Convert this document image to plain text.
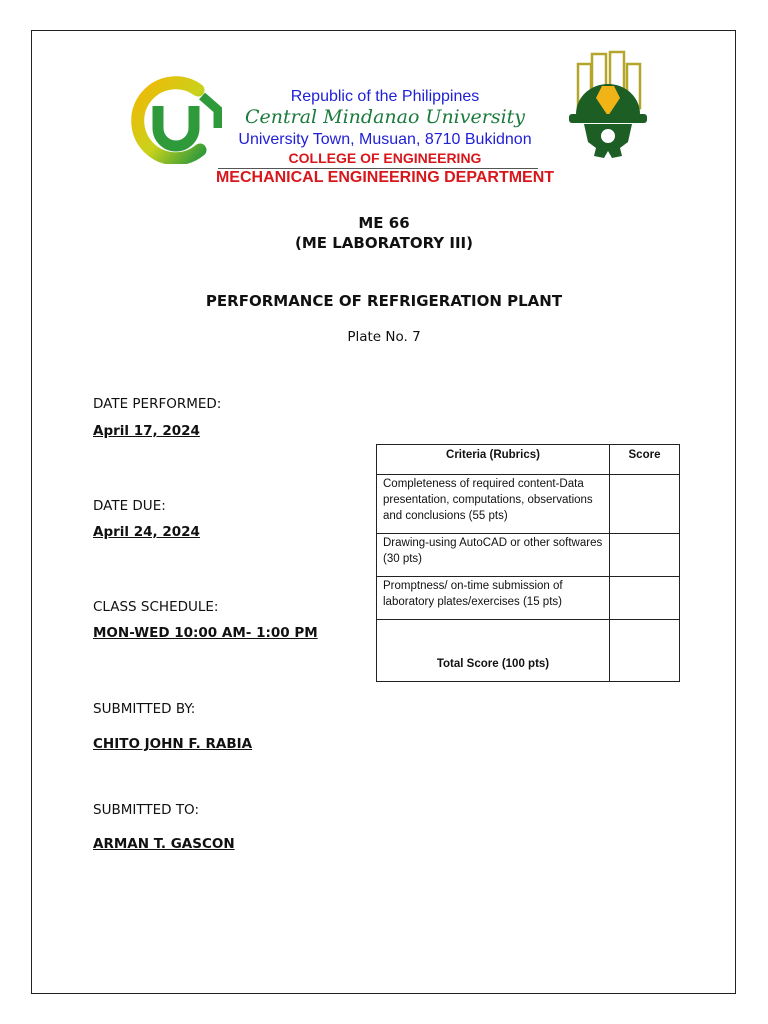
Republic of the Philippines
Central Mindanao University
University Town, Musuan, 8710 Bukidnon
COLLEGE OF ENGINEERING
MECHANICAL ENGINEERING DEPARTMENT
ME 66
(ME LABORATORY III)
PERFORMANCE OF REFRIGERATION PLANT
Plate No. 7
DATE PERFORMED:
April 17, 2024
DATE DUE:
April 24, 2024
CLASS SCHEDULE:
MON-WED 10:00 AM- 1:00 PM
SUBMITTED BY:
CHITO JOHN F. RABIA
SUBMITTED TO:
ARMAN T. GASCON
Criteria (Rubrics)	Score
Completeness of required content-Data presentation, computations, observations and conclusions (55 pts)	
Drawing-using AutoCAD or other softwares (30 pts)	
Promptness/ on-time submission of laboratory plates/exercises (15 pts)	
Total Score (100 pts)	
